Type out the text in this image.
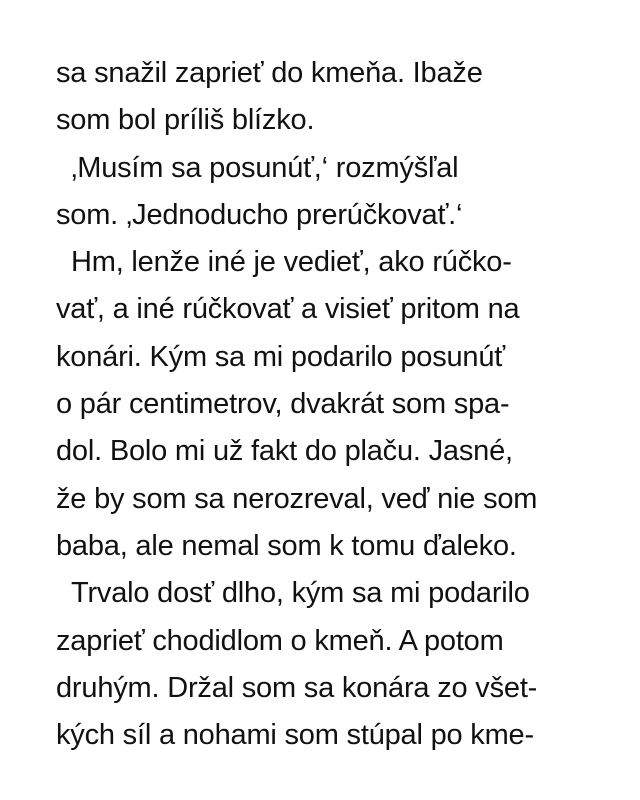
sa snažil zaprieť do kmeňa. Ibaže
som bol príliš blízko.
‚Musím sa posunúť,‘ rozmýšľal
som. ‚Jednoducho prerúčkovať.‘
Hm, lenže iné je vedieť, ako rúčko-
vať, a iné rúčkovať a visieť pritom na
konári. Kým sa mi podarilo posunúť
o pár centimetrov, dvakrát som spa-
dol. Bolo mi už fakt do plaču. Jasné,
že by som sa nerozreval, veď nie som
baba, ale nemal som k tomu ďaleko.
Trvalo dosť dlho, kým sa mi podarilo
zaprieť chodidlom o kmeň. A potom
druhým. Držal som sa konára zo všet-
kých síl a nohami som stúpal po kme-
